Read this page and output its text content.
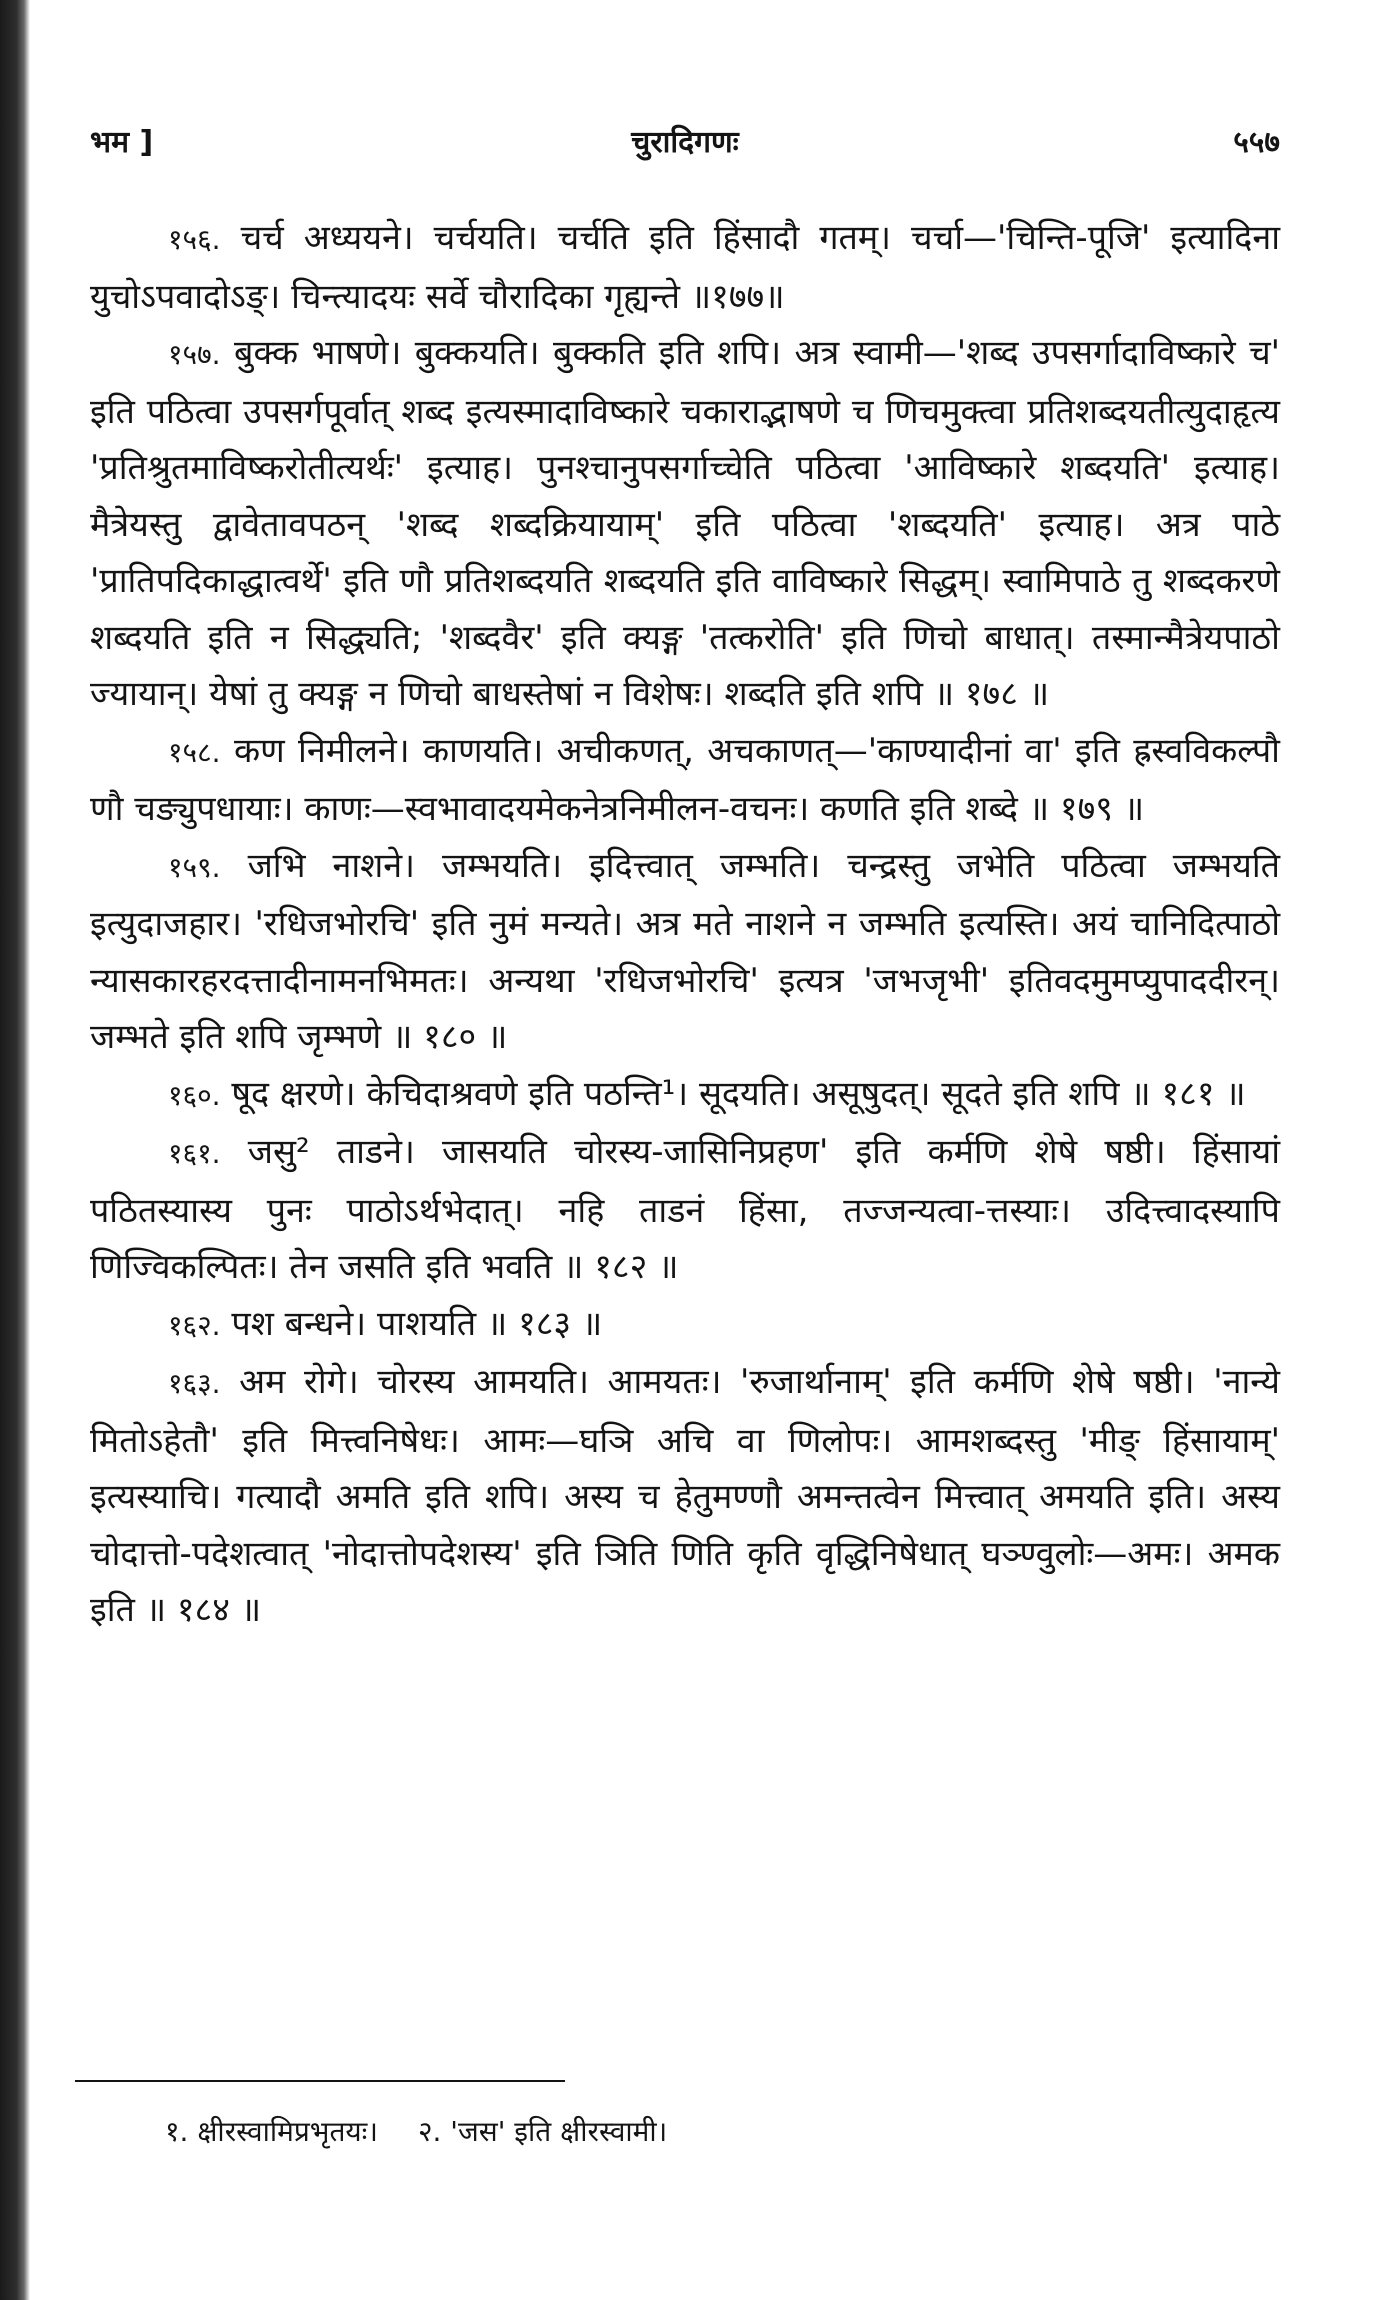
भम ]	चुरादिगणः	५५७

१५६. चर्च अध्ययने। चर्चयति। चर्चति इति हिंसादौ गतम्। चर्चा—'चिन्ति-पूजि' इत्यादिना युचोऽपवादोऽङ्। चिन्त्यादयः सर्वे चौरादिका गृह्यन्ते ॥१७७॥

१५७. बुक्क भाषणे। बुक्कयति। बुक्कति इति शपि। अत्र स्वामी—'शब्द उपसर्गादाविष्कारे च' इति पठित्वा उपसर्गपूर्वात् शब्द इत्यस्मादाविष्कारे चकाराद्भाषणे च णिचमुक्त्वा प्रतिशब्दयतीत्युदाहृत्य 'प्रतिश्रुतमाविष्करोतीत्यर्थः' इत्याह। पुनश्चानुपसर्गाच्चेति पठित्वा 'आविष्कारे शब्दयति' इत्याह। मैत्रेयस्तु द्वावेतावपठन् 'शब्द शब्दक्रियायाम्' इति पठित्वा 'शब्दयति' इत्याह। अत्र पाठे 'प्रातिपदिकाद्धात्वर्थे' इति णौ प्रतिशब्दयति शब्दयति इति वाविष्कारे सिद्धम्। स्वामिपाठे तु शब्दकरणे शब्दयति इति न सिद्ध्यति; 'शब्दवैर' इति क्यङ्ग 'तत्करोति' इति णिचो बाधात्। तस्मान्मैत्रेयपाठो ज्यायान्। येषां तु क्यङ्ग न णिचो बाधस्तेषां न विशेषः। शब्दति इति शपि ॥ १७८ ॥

१५८. कण निमीलने। काणयति। अचीकणत्, अचकाणत्—'काण्यादीनां वा' इति ह्रस्वविकल्पौ णौ चङ्युपधायाः। काणः—स्वभावादयमेकनेत्रनिमीलन-वचनः। कणति इति शब्दे ॥ १७९ ॥

१५९. जभि नाशने। जम्भयति। इदित्त्वात् जम्भति। चन्द्रस्तु जभेति पठित्वा जम्भयति इत्युदाजहार। 'रधिजभोरचि' इति नुमं मन्यते। अत्र मते नाशने न जम्भति इत्यस्ति। अयं चानिदित्पाठो न्यासकारहरदत्तादीनामनभिमतः। अन्यथा 'रधिजभोरचि' इत्यत्र 'जभजृभी' इतिवदमुमप्युपाददीरन्। जम्भते इति शपि जृम्भणे ॥ १८० ॥

१६०. षूद क्षरणे। केचिदाश्रवणे इति पठन्ति¹। सूदयति। असूषुदत्। सूदते इति शपि ॥ १८१ ॥

१६१. जसु² ताडने। जासयति चोरस्य-जासिनिप्रहण' इति कर्मणि शेषे षष्ठी। हिंसायां पठितस्यास्य पुनः पाठोऽर्थभेदात्। नहि ताडनं हिंसा, तज्जन्यत्वा-त्तस्याः। उदित्त्वादस्यापि णिज्विकल्पितः। तेन जसति इति भवति ॥ १८२ ॥

१६२. पश बन्धने। पाशयति ॥ १८३ ॥

१६३. अम रोगे। चोरस्य आमयति। आमयतः। 'रुजार्थानाम्' इति कर्मणि शेषे षष्ठी। 'नान्ये मितोऽहेतौ' इति मित्त्वनिषेधः। आमः—घञि अचि वा णिलोपः। आमशब्दस्तु 'मीङ् हिंसायाम्' इत्यस्याचि। गत्यादौ अमति इति शपि। अस्य च हेतुमण्णौ अमन्तत्वेन मित्त्वात् अमयति इति। अस्य चोदात्तो-पदेशत्वात् 'नोदात्तोपदेशस्य' इति ञिति णिति कृति वृद्धिनिषेधात् घञ्ण्वुलोः—अमः। अमक इति ॥ १८४ ॥

१. क्षीरस्वामिप्रभृतयः। २. 'जस' इति क्षीरस्वामी।
